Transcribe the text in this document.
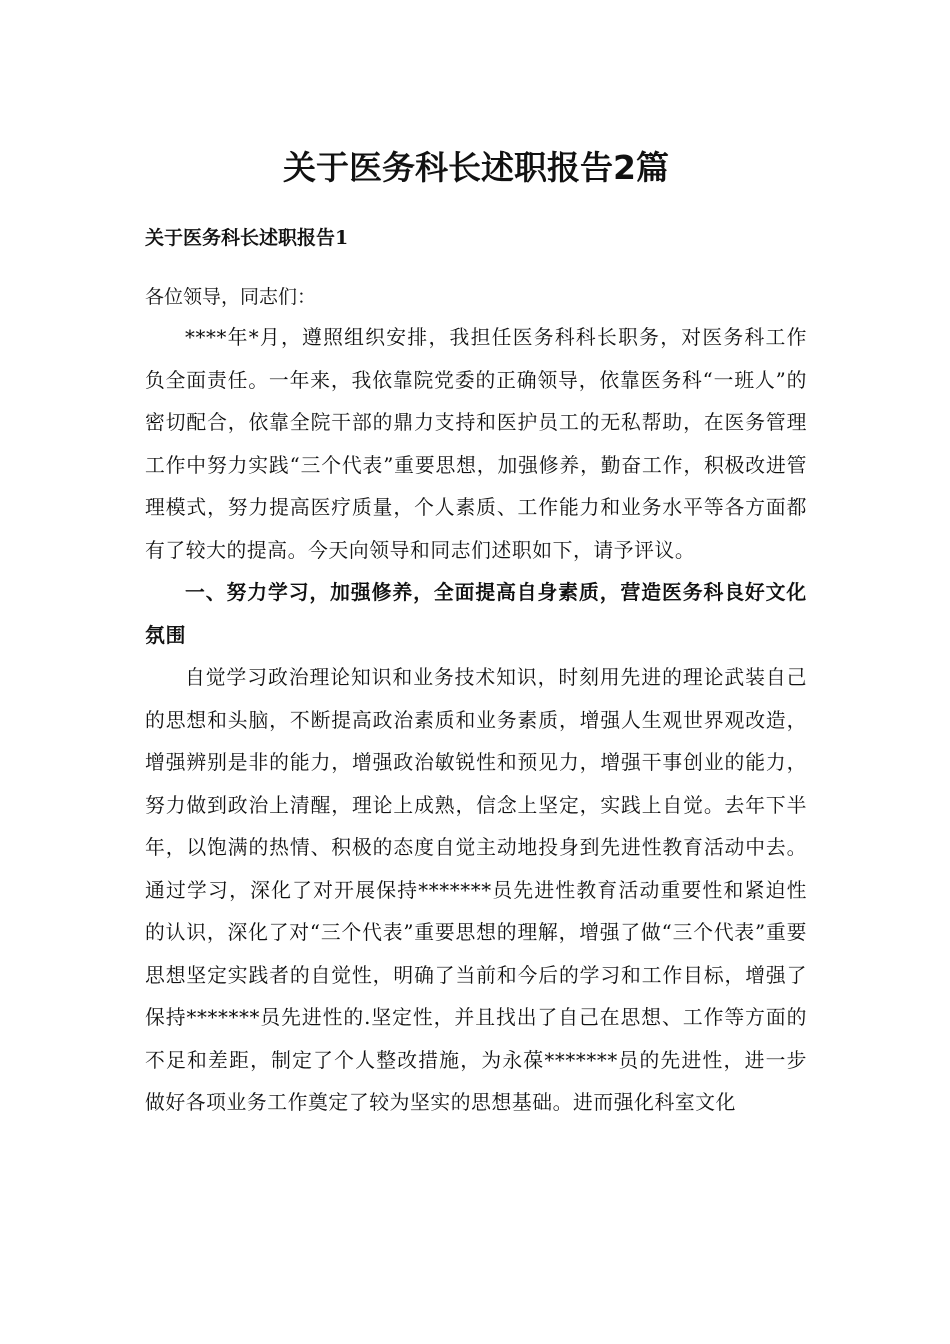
关于医务科长述职报告2篇
关于医务科长述职报告1

各位领导，同志们：

****年*月，遵照组织安排，我担任医务科科长职务，对医务科工作负全面责任。一年来，我依靠院党委的正确领导，依靠医务科“一班人”的密切配合，依靠全院干部的鼎力支持和医护员工的无私帮助，在医务管理工作中努力实践“三个代表”重要思想，加强修养，勤奋工作，积极改进管理模式，努力提高医疗质量，个人素质、工作能力和业务水平等各方面都有了较大的提高。今天向领导和同志们述职如下，请予评议。

一、努力学习，加强修养，全面提高自身素质，营造医务科良好文化氛围

自觉学习政治理论知识和业务技术知识，时刻用先进的理论武装自己的思想和头脑，不断提高政治素质和业务素质，增强人生观世界观改造，增强辨别是非的能力，增强政治敏锐性和预见力，增强干事创业的能力，努力做到政治上清醒，理论上成熟，信念上坚定，实践上自觉。去年下半年，以饱满的热情、积极的态度自觉主动地投身到先进性教育活动中去。通过学习，深化了对开展保持*******员先进性教育活动重要性和紧迫性的认识，深化了对“三个代表”重要思想的理解，增强了做“三个代表”重要思想坚定实践者的自觉性，明确了当前和今后的学习和工作目标，增强了保持*******员先进性的.坚定性，并且找出了自己在思想、工作等方面的不足和差距，制定了个人整改措施，为永葆*******员的先进性，进一步做好各项业务工作奠定了较为坚实的思想基础。进而强化科室文化
